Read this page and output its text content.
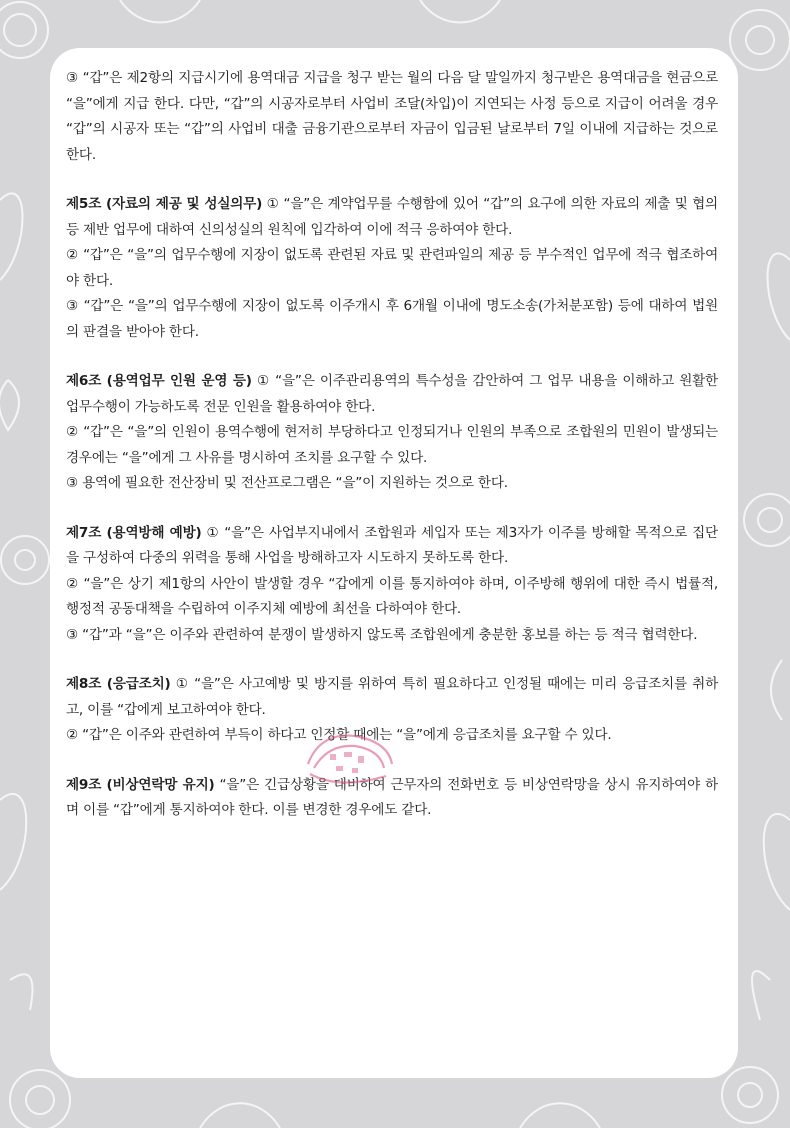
③ “갑”은 제2항의 지급시기에 용역대금 지급을 청구 받는 월의 다음 달 말일까지 청구받은 용역대금을 현금으로 “을”에게 지급 한다. 다만, “갑”의 시공자로부터 사업비 조달(차입)이 지연되는 사정 등으로 지급이 어려울 경우 “갑”의 시공자 또는 “갑”의 사업비 대출 금융기관으로부터 자금이 입금된 날로부터 7일 이내에 지급하는 것으로 한다.

제5조 (자료의 제공 및 성실의무) ① “을”은 계약업무를 수행함에 있어 “갑”의 요구에 의한 자료의 제출 및 협의 등 제반 업무에 대하여 신의성실의 원칙에 입각하여 이에 적극 응하여야 한다.

② “갑”은 “을”의 업무수행에 지장이 없도록 관련된 자료 및 관련파일의 제공 등 부수적인 업무에 적극 협조하여야 한다.

③ “갑”은 “을”의 업무수행에 지장이 없도록 이주개시 후 6개월 이내에 명도소송(가처분포함) 등에 대하여 법원의 판결을 받아야 한다.

제6조 (용역업무 인원 운영 등) ① “을”은 이주관리용역의 특수성을 감안하여 그 업무 내용을 이해하고 원활한 업무수행이 가능하도록 전문 인원을 활용하여야 한다.

② “갑”은 “을”의 인원이 용역수행에 현저히 부당하다고 인정되거나 인원의 부족으로 조합원의 민원이 발생되는 경우에는 “을”에게 그 사유를 명시하여 조치를 요구할 수 있다.

③ 용역에 필요한 전산장비 및 전산프로그램은 “을”이 지원하는 것으로 한다.

제7조 (용역방해 예방) ① “을”은 사업부지내에서 조합원과 세입자 또는 제3자가 이주를 방해할 목적으로 집단을 구성하여 다중의 위력을 통해 사업을 방해하고자 시도하지 못하도록 한다.

② “을”은 상기 제1항의 사안이 발생할 경우 “갑에게 이를 통지하여야 하며, 이주방해 행위에 대한 즉시 법률적, 행정적 공동대책을 수립하여 이주지체 예방에 최선을 다하여야 한다.

③ “갑”과 “을”은 이주와 관련하여 분쟁이 발생하지 않도록 조합원에게 충분한 홍보를 하는 등 적극 협력한다.

제8조 (응급조치) ① “을”은 사고예방 및 방지를 위하여 특히 필요하다고 인정될 때에는 미리 응급조치를 취하고, 이를 “갑에게 보고하여야 한다.

② “갑”은 이주와 관련하여 부득이 하다고 인정할 때에는 “을”에게 응급조치를 요구할 수 있다.

제9조 (비상연락망 유지) “을”은 긴급상황을 대비하여 근무자의 전화번호 등 비상연락망을 상시 유지하여야 하며 이를 “갑”에게 통지하여야 한다. 이를 변경한 경우에도 같다.
